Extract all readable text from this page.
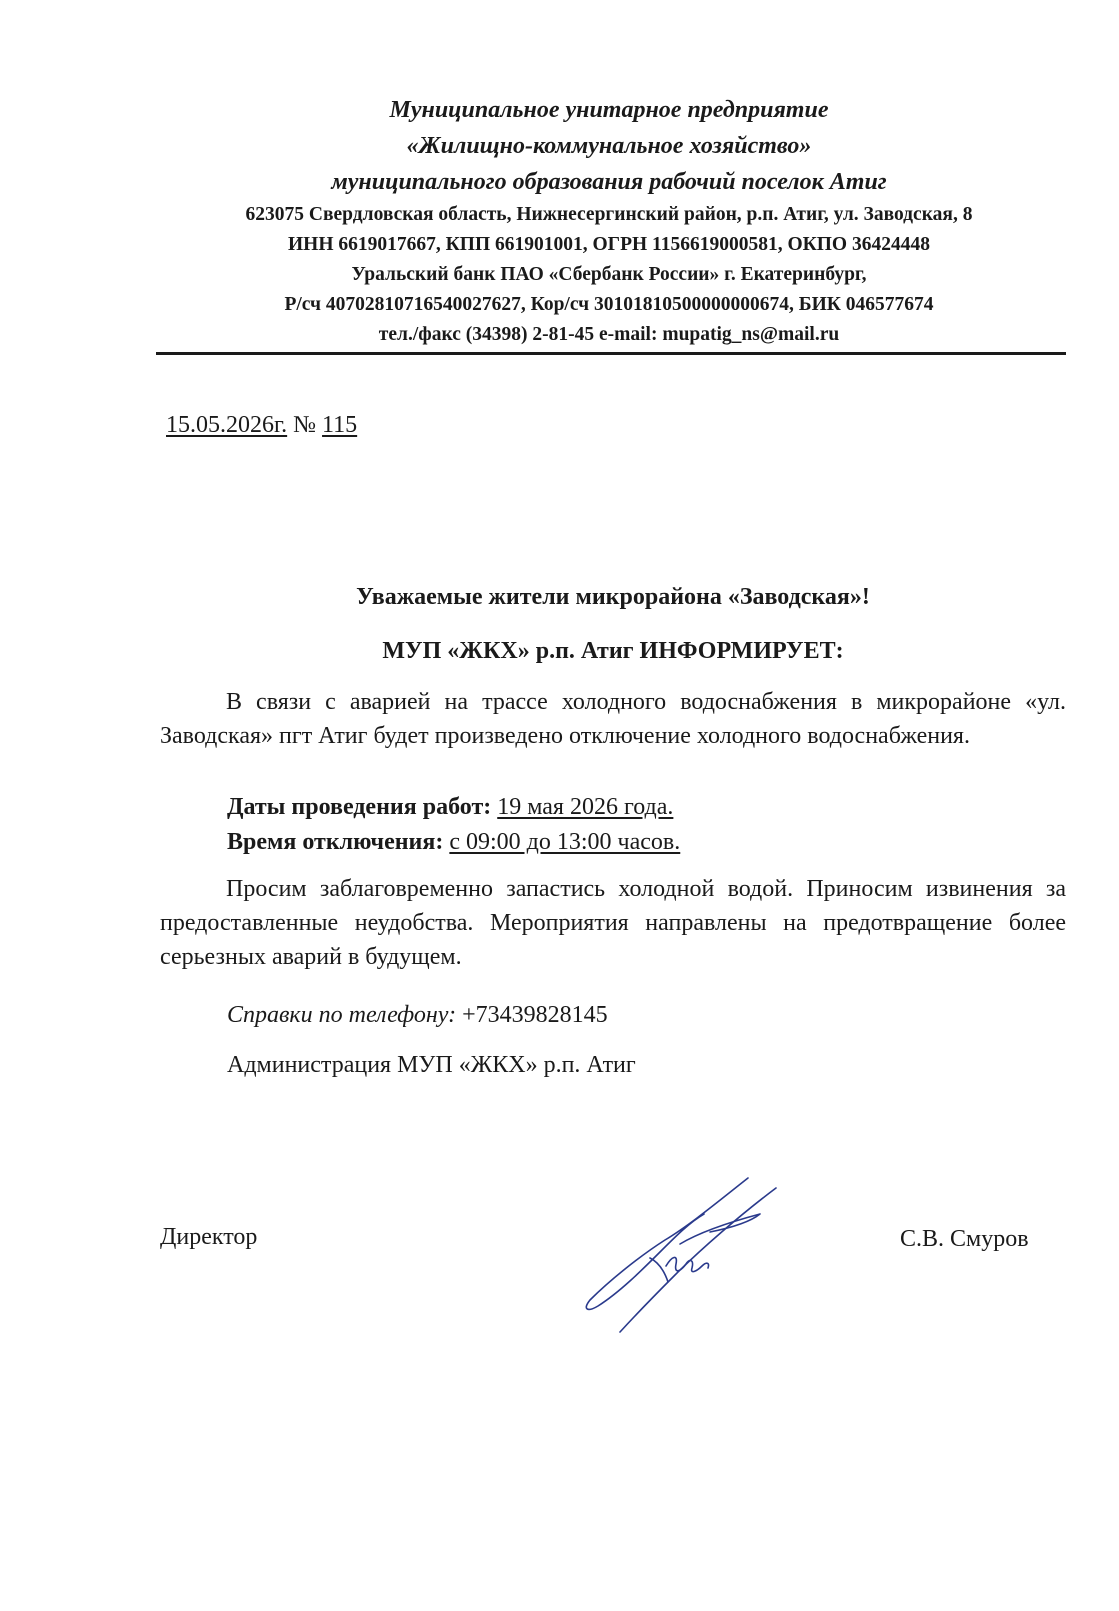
Муниципальное унитарное предприятие

«Жилищно-коммунальное хозяйство»

муниципального образования рабочий поселок Атиг

623075 Свердловская область, Нижнесергинский район, р.п. Атиг, ул. Заводская, 8

ИНН 6619017667, КПП 661901001, ОГРН 1156619000581, ОКПО 36424448

Уральский банк ПАО «Сбербанк России» г. Екатеринбург,

Р/сч 40702810716540027627, Кор/сч 30101810500000000674, БИК 046577674

тел./факс (34398) 2-81-45 e-mail: mupatig_ns@mail.ru

15.05.2026г. № 115

Уважаемые жители микрорайона «Заводская»!

МУП «ЖКХ» р.п. Атиг ИНФОРМИРУЕТ:

В связи с аварией на трассе холодного водоснабжения в микрорайоне «ул. Заводская» пгт Атиг будет произведено отключение холодного водоснабжения.

Даты проведения работ: 19 мая 2026 года.

Время отключения: с 09:00 до 13:00 часов.

Просим заблаговременно запастись холодной водой. Приносим извинения за предоставленные неудобства. Мероприятия направлены на предотвращение более серьезных аварий в будущем.

Справки по телефону: +73439828145

Администрация МУП «ЖКХ» р.п. Атиг

Директор	С.В. Смуров
